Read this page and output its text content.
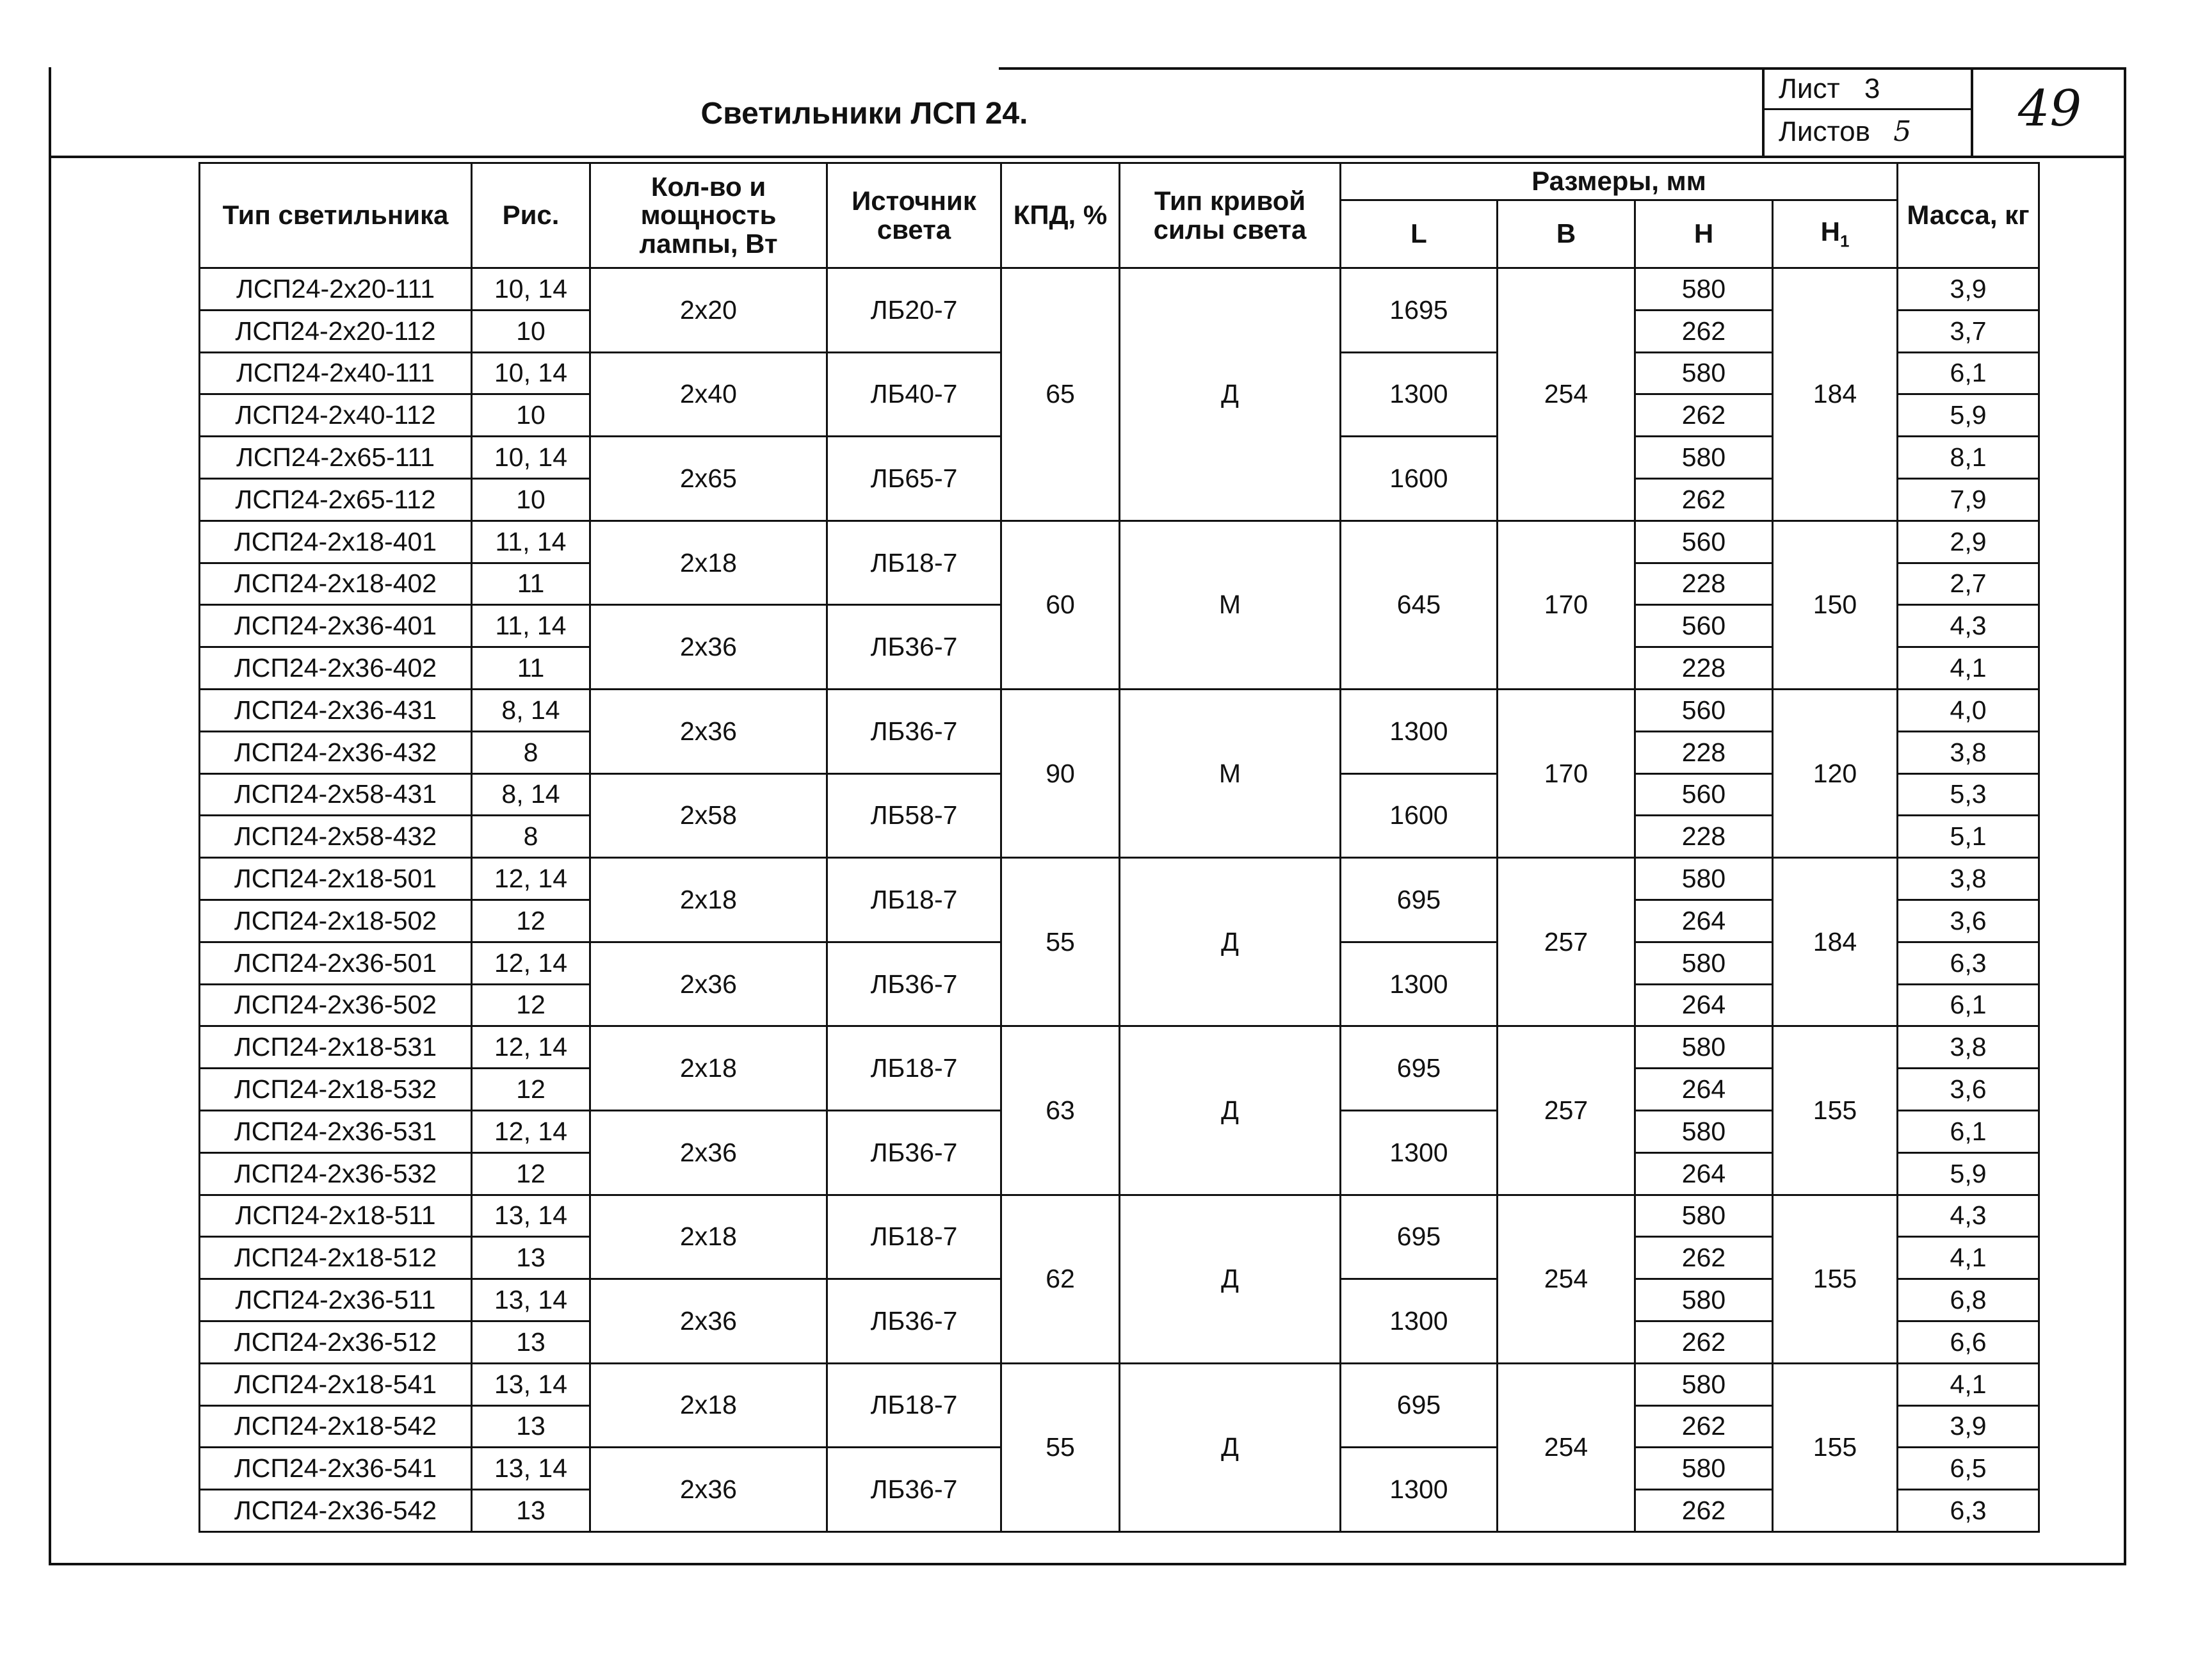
Светильники ЛСП 24.
Лист 3
Листов 5	49
Тип светильника	Рис.	Кол-во и мощность лампы, Вт	Источник света	КПД, %	Тип кривой силы света	Размеры, мм				Масса, кг
						L	B	H	$H_1$
ЛСП24-2х20-111	10, 14	2х20	ЛБ20-7	65	Д	1695	254	580	184	3,9
ЛСП24-2х20-112	10							262		3,7
ЛСП24-2х40-111	10, 14	2х40	ЛБ40-7			1300		580		6,1
ЛСП24-2х40-112	10							262		5,9
ЛСП24-2х65-111	10, 14	2х65	ЛБ65-7			1600		580		8,1
ЛСП24-2х65-112	10							262		7,9
ЛСП24-2х18-401	11, 14	2х18	ЛБ18-7	60	М	645	170	560	150	2,9
ЛСП24-2х18-402	11							228		2,7
ЛСП24-2х36-401	11, 14	2х36	ЛБ36-7					560		4,3
ЛСП24-2х36-402	11							228		4,1
ЛСП24-2х36-431	8, 14	2х36	ЛБ36-7	90	М	1300	170	560	120	4,0
ЛСП24-2х36-432	8							228		3,8
ЛСП24-2х58-431	8, 14	2х58	ЛБ58-7			1600		560		5,3
ЛСП24-2х58-432	8							228		5,1
ЛСП24-2х18-501	12, 14	2х18	ЛБ18-7	55	Д	695	257	580	184	3,8
ЛСП24-2х18-502	12							264		3,6
ЛСП24-2х36-501	12, 14	2х36	ЛБ36-7			1300		580		6,3
ЛСП24-2х36-502	12							264		6,1
ЛСП24-2х18-531	12, 14	2х18	ЛБ18-7	63	Д	695	257	580	155	3,8
ЛСП24-2х18-532	12							264		3,6
ЛСП24-2х36-531	12, 14	2х36	ЛБ36-7			1300		580		6,1
ЛСП24-2х36-532	12							264		5,9
ЛСП24-2х18-511	13, 14	2х18	ЛБ18-7	62	Д	695	254	580	155	4,3
ЛСП24-2х18-512	13							262		4,1
ЛСП24-2х36-511	13, 14	2х36	ЛБ36-7			1300		580		6,8
ЛСП24-2х36-512	13							262		6,6
ЛСП24-2х18-541	13, 14	2х18	ЛБ18-7	55	Д	695	254	580	155	4,1
ЛСП24-2х18-542	13							262		3,9
ЛСП24-2х36-541	13, 14	2х36	ЛБ36-7			1300		580		6,5
ЛСП24-2х36-542	13							262		6,3
